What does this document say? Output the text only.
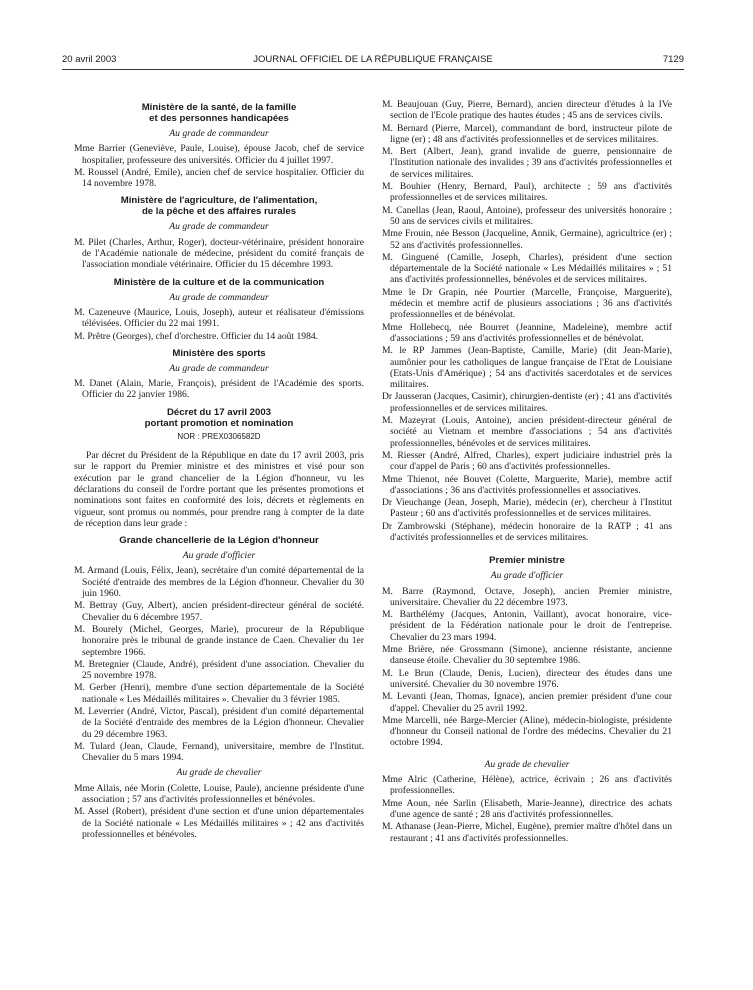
20 avril 2003	JOURNAL OFFICIEL DE LA RÉPUBLIQUE FRANÇAISE	7129
Ministère de la santé, de la famille
et des personnes handicapées
Au grade de commandeur

Mme Barrier (Geneviève, Paule, Louise), épouse Jacob, chef de service hospitalier, professeure des universités. Officier du 4 juillet 1997.

M. Roussel (André, Emile), ancien chef de service hospitalier. Officier du 14 novembre 1978.

Ministère de l'agriculture, de l'alimentation,
de la pêche et des affaires rurales
Au grade de commandeur

M. Pilet (Charles, Arthur, Roger), docteur-vétérinaire, président honoraire de l'Académie nationale de médecine, président du comité français de l'association mondiale vétérinaire. Officier du 15 décembre 1993.

Ministère de la culture et de la communication
Au grade de commandeur

M. Cazeneuve (Maurice, Louis, Joseph), auteur et réalisateur d'émissions télévisées. Officier du 22 mai 1991.

M. Prêtre (Georges), chef d'orchestre. Officier du 14 août 1984.

Ministère des sports
Au grade de commandeur

M. Danet (Alain, Marie, François), président de l'Académie des sports. Officier du 22 janvier 1986.

Décret du 17 avril 2003
portant promotion et nomination
NOR : PREX0306582D

Par décret du Président de la République en date du 17 avril 2003, pris sur le rapport du Premier ministre et des ministres et visé pour son exécution par le grand chancelier de la Légion d'honneur, vu les déclarations du conseil de l'ordre portant que les présentes promotions et nominations sont faites en conformité des lois, décrets et règlements en vigueur, sont promus ou nommés, pour prendre rang à compter de la date de réception dans leur grade :

Grande chancellerie de la Légion d'honneur
Au grade d'officier

M. Armand (Louis, Félix, Jean), secrétaire d'un comité départemental de la Société d'entraide des membres de la Légion d'honneur. Chevalier du 30 juin 1960.

M. Bettray (Guy, Albert), ancien président-directeur général de société. Chevalier du 6 décembre 1957.

M. Bourely (Michel, Georges, Marie), procureur de la République honoraire près le tribunal de grande instance de Caen. Chevalier du 1er septembre 1966.

M. Bretegnier (Claude, André), président d'une association. Chevalier du 25 novembre 1978.

M. Gerber (Henri), membre d'une section départementale de la Société nationale « Les Médaillés militaires ». Chevalier du 3 février 1985.

M. Leverrier (André, Victor, Pascal), président d'un comité départemental de la Société d'entraide des membres de la Légion d'honneur. Chevalier du 29 décembre 1963.

M. Tulard (Jean, Claude, Fernand), universitaire, membre de l'Institut. Chevalier du 5 mars 1994.

Au grade de chevalier

Mme Allais, née Morin (Colette, Louise, Paule), ancienne présidente d'une association ; 57 ans d'activités professionnelles et bénévoles.

M. Assel (Robert), président d'une section et d'une union départementales de la Société nationale « Les Médaillés militaires » ; 42 ans d'activités professionnelles et bénévoles.

M. Beaujouan (Guy, Pierre, Bernard), ancien directeur d'études à la IVe section de l'Ecole pratique des hautes études ; 45 ans de services civils.

M. Bernard (Pierre, Marcel), commandant de bord, instructeur pilote de ligne (er) ; 48 ans d'activités professionnelles et de services militaires.

M. Bert (Albert, Jean), grand invalide de guerre, pensionnaire de l'Institution nationale des invalides ; 39 ans d'activités professionnelles et de services militaires.

M. Bouhier (Henry, Bernard, Paul), architecte ; 59 ans d'activités professionnelles et de services militaires.

M. Canellas (Jean, Raoul, Antoine), professeur des universités honoraire ; 50 ans de services civils et militaires.

Mme Frouin, née Besson (Jacqueline, Annik, Germaine), agricultrice (er) ; 52 ans d'activités professionnelles.

M. Ginguené (Camille, Joseph, Charles), président d'une section départementale de la Société nationale « Les Médaillés militaires » ; 51 ans d'activités professionnelles, bénévoles et de services militaires.

Mme le Dr Grapin, née Pourtier (Marcelle, Françoise, Marguerite), médecin et membre actif de plusieurs associations ; 36 ans d'activités professionnelles et de bénévolat.

Mme Hollebecq, née Bourret (Jeannine, Madeleine), membre actif d'associations ; 59 ans d'activités professionnelles et de bénévolat.

M. le RP Jammes (Jean-Baptiste, Camille, Marie) (dit Jean-Marie), aumônier pour les catholiques de langue française de l'Etat de Louisiane (Etats-Unis d'Amérique) ; 54 ans d'activités sacerdotales et de services militaires.

Dr Jausseran (Jacques, Casimir), chirurgien-dentiste (er) ; 41 ans d'activités professionnelles et de services militaires.

M. Mazeyrat (Louis, Antoine), ancien président-directeur général de société au Vietnam et membre d'associations ; 54 ans d'activités professionnelles, bénévoles et de services militaires.

M. Riesser (André, Alfred, Charles), expert judiciaire industriel près la cour d'appel de Paris ; 60 ans d'activités professionnelles.

Mme Thienot, née Bouvet (Colette, Marguerite, Marie), membre actif d'associations ; 36 ans d'activités professionnelles et associatives.

Dr Vieuchange (Jean, Joseph, Marie), médecin (er), chercheur à l'Institut Pasteur ; 60 ans d'activités professionnelles et de services militaires.

Dr Zambrowski (Stéphane), médecin honoraire de la RATP ; 41 ans d'activités professionnelles et de services militaires.

Premier ministre
Au grade d'officier

M. Barre (Raymond, Octave, Joseph), ancien Premier ministre, universitaire. Chevalier du 22 décembre 1973.

M. Barthélémy (Jacques, Antonin, Vaillant), avocat honoraire, vice-président de la Fédération nationale pour le droit de l'entreprise. Chevalier du 23 mars 1994.

Mme Brière, née Grossmann (Simone), ancienne résistante, ancienne danseuse étoile. Chevalier du 30 septembre 1986.

M. Le Brun (Claude, Denis, Lucien), directeur des études dans une université. Chevalier du 30 novembre 1976.

M. Levanti (Jean, Thomas, Ignace), ancien premier président d'une cour d'appel. Chevalier du 25 avril 1992.

Mme Marcelli, née Barge-Mercier (Aline), médecin-biologiste, présidente d'honneur du Conseil national de l'ordre des médecins. Chevalier du 21 octobre 1994.

Au grade de chevalier

Mme Alric (Catherine, Hélène), actrice, écrivain ; 26 ans d'activités professionnelles.

Mme Aoun, née Sarlin (Elisabeth, Marie-Jeanne), directrice des achats d'une agence de santé ; 28 ans d'activités professionnelles.

M. Athanase (Jean-Pierre, Michel, Eugène), premier maître d'hôtel dans un restaurant ; 41 ans d'activités professionnelles.
